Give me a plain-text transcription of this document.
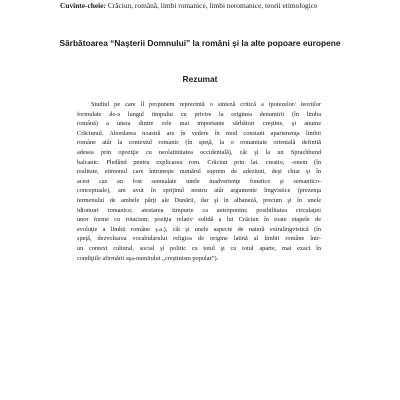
Cuvinte-cheie: Crăciun, română, limbi romanice, limbi neromanice, teorii etimologice
Sărbătoarea “Naşterii Domnului” la români şi la alte popoare europene
Rezumat
Studiul pe care îl propunem reprezintă o sinteză critică a ipotezelor/ teoriilor
formulate de-a lungul timpului cu privire la originea denumirii (în limba
română) a uneia dintre cele mai importante sărbători creştine, şi anume
Crăciunul. Abordarea noastră are în vedere în mod constant apartenenţa limbii
române atât la contextul romanic (în speţă, la o romanitate orientală definită
adesea prin opoziţie cu neolatinitatea occidentală), cât şi la un Sprachbund
balcanic. Pledând pentru explicarea rom. Crăciun prin lat. creatio, -onem (în
realitate, etimonul care întruneşte numărul suprem de adeziuni, deşi chiar şi în
acest caz au fost semnalate unele inadvertenţe fonetice şi semantico-
conceptuale), am avut în sprijinul nostru atât argumente lingvistice (prezenţa
termenului de ambele părţi ale Dunării, dar şi în albaneză, precum şi în unele
idiomuri romanice; atestarea timpurie ca antroponim; posibilitatea circulaţiei
unor forme cu rotacism; poziţia relativ solidă a lui Crăciun în toate etapele de
evoluţie a limbii române ş.a.), cât şi unele aspecte de natură extralingvistică (în
speţă, dezvoltarea vocabularului religios de origine latină al limbii române într-
un context cultural, social şi politic cu totul şi cu totul aparte, mai exact în
condiţiile afirmării aşa-numitului „creştinism popular”).
